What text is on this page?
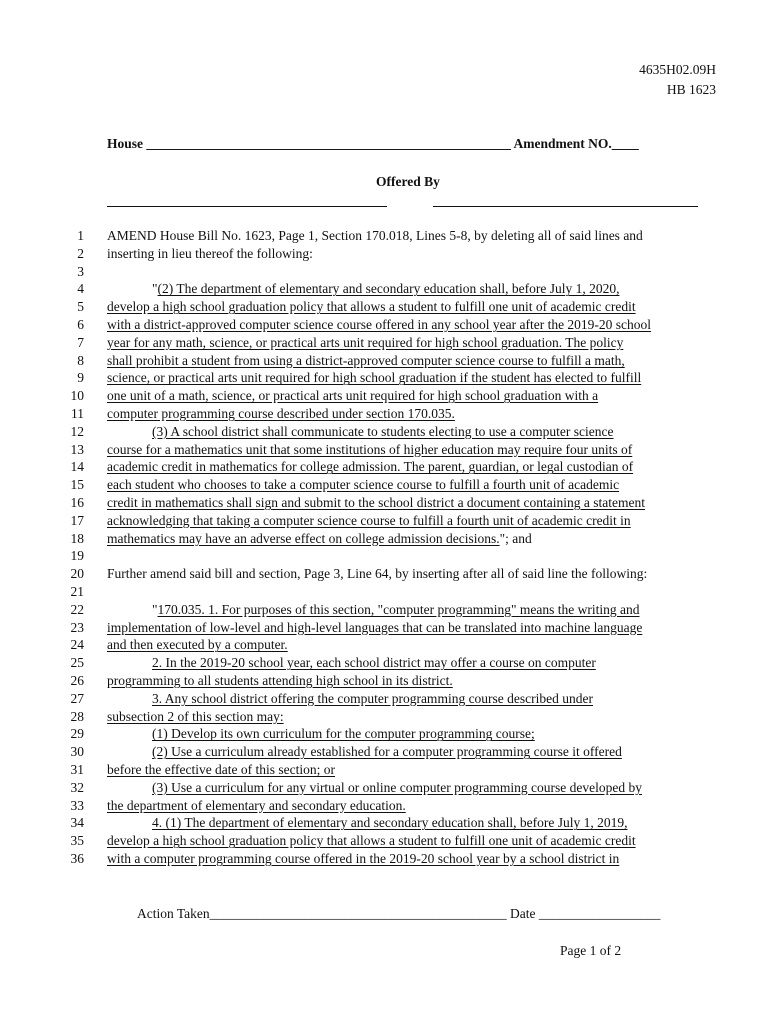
4635H02.09H
HB 1623
House ______________________________________________________ Amendment NO.____
Offered By
1 AMEND House Bill No. 1623, Page 1, Section 170.018, Lines 5-8, by deleting all of said lines and
2 inserting in lieu thereof the following:
3
4	"(2) The department of elementary and secondary education shall, before July 1, 2020,
5 develop a high school graduation policy that allows a student to fulfill one unit of academic credit
6 with a district-approved computer science course offered in any school year after the 2019-20 school
7 year for any math, science, or practical arts unit required for high school graduation. The policy
8 shall prohibit a student from using a district-approved computer science course to fulfill a math,
9 science, or practical arts unit required for high school graduation if the student has elected to fulfill
10 one unit of a math, science, or practical arts unit required for high school graduation with a
11 computer programming course described under section 170.035.
12	(3) A school district shall communicate to students electing to use a computer science
13 course for a mathematics unit that some institutions of higher education may require four units of
14 academic credit in mathematics for college admission. The parent, guardian, or legal custodian of
15 each student who chooses to take a computer science course to fulfill a fourth unit of academic
16 credit in mathematics shall sign and submit to the school district a document containing a statement
17 acknowledging that taking a computer science course to fulfill a fourth unit of academic credit in
18 mathematics may have an adverse effect on college admission decisions."; and
19
20 Further amend said bill and section, Page 3, Line 64, by inserting after all of said line the following:
21
22	"170.035. 1. For purposes of this section, "computer programming" means the writing and
23 implementation of low-level and high-level languages that can be translated into machine language
24 and then executed by a computer.
25	2. In the 2019-20 school year, each school district may offer a course on computer
26 programming to all students attending high school in its district.
27	3. Any school district offering the computer programming course described under
28 subsection 2 of this section may:
29	(1) Develop its own curriculum for the computer programming course;
30	(2) Use a curriculum already established for a computer programming course it offered
31 before the effective date of this section; or
32	(3) Use a curriculum for any virtual or online computer programming course developed by
33 the department of elementary and secondary education.
34	4. (1) The department of elementary and secondary education shall, before July 1, 2019,
35 develop a high school graduation policy that allows a student to fulfill one unit of academic credit
36 with a computer programming course offered in the 2019-20 school year by a school district in
Action Taken____________________________________________ Date __________________
Page 1 of 2
